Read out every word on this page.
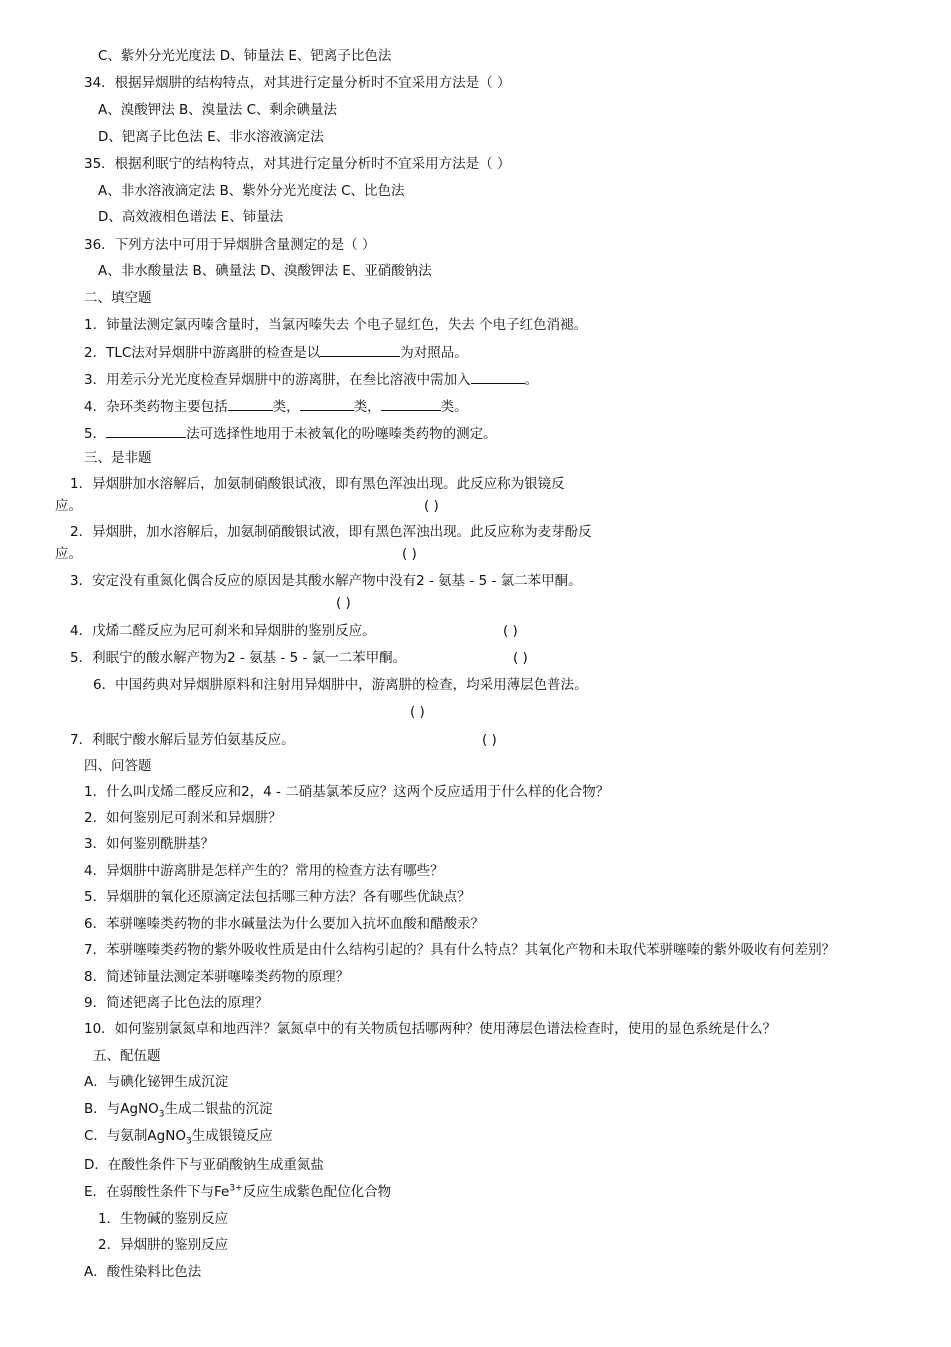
C、紫外分光光度法 D、铈量法 E、钯离子比色法
34．根据异烟肼的结构特点，对其进行定量分析时不宜采用方法是（ ）
A、溴酸钾法 B、溴量法 C、剩余碘量法
D、钯离子比色法 E、非水溶液滴定法
35．根据利眠宁的结构特点，对其进行定量分析时不宜采用方法是（ ）
A、非水溶液滴定法 B、紫外分光光度法 C、比色法
D、高效液相色谱法 E、铈量法
36．下列方法中可用于异烟肼含量测定的是（ ）
A、非水酸量法 B、碘量法 D、溴酸钾法 E、亚硝酸钠法
二、填空题
1．铈量法测定氯丙嗪含量时，当氯丙嗪失去 个电子显红色，失去 个电子红色消褪。
2．TLC法对异烟肼中游离肼的检查是以	为对照品。
3．用差示分光光度检查异烟肼中的游离肼，在叁比溶液中需加入	。
4．杂环类药物主要包括	类，	类，	类。
5．	法可选择性地用于未被氧化的吩噻嗪类药物的测定。
三、是非题
1．异烟肼加水溶解后，加氨制硝酸银试液，即有黑色浑浊出现。此反应称为银镜反
应。	( )
2．异烟肼，加水溶解后，加氨制硝酸银试液，即有黑色浑浊出现。此反应称为麦芽酚反
应。	( )
3．安定没有重氮化偶合反应的原因是其酸水解产物中没有2 - 氨基 - 5 - 氯二苯甲酮。
( )
4．戊烯二醛反应为尼可刹米和异烟肼的鉴别反应。	( )
5．利眠宁的酸水解产物为2 - 氨基 - 5 - 氯一二苯甲酮。	( )
6．中国药典对异烟肼原料和注射用异烟肼中，游离肼的检查，均采用薄层色普法。
( )
7．利眠宁酸水解后显芳伯氨基反应。	( )
四、问答题
1．什么叫戊烯二醛反应和2，4 - 二硝基氯苯反应？这两个反应适用于什么样的化合物？
2．如何鉴别尼可刹米和异烟肼？
3．如何鉴别酰肼基？
4．异烟肼中游离肼是怎样产生的？常用的检查方法有哪些？
5．异烟肼的氧化还原滴定法包括哪三种方法？各有哪些优缺点？
6．苯骈噻嗪类药物的非水碱量法为什么要加入抗坏血酸和醋酸汞？
7．苯骈噻嗪类药物的紫外吸收性质是由什么结构引起的？具有什么特点？其氧化产物和未取代苯骈噻嗪的紫外吸收有何差别？
8．简述铈量法测定苯骈噻嗪类药物的原理？
9．简述钯离子比色法的原理？
10．如何鉴别氯氮卓和地西泮？氯氮卓中的有关物质包括哪两种？使用薄层色谱法检查时，使用的显色系统是什么？
五、配伍题
A．与碘化铋钾生成沉淀
B．与AgNO$_3$生成二银盐的沉淀
C．与氨制AgNO$_3$生成银镜反应
D．在酸性条件下与亚硝酸钠生成重氮盐
E．在弱酸性条件下与$Fe^{3+}$反应生成紫色配位化合物
1．生物碱的鉴别反应
2．异烟肼的鉴别反应
A．酸性染料比色法
